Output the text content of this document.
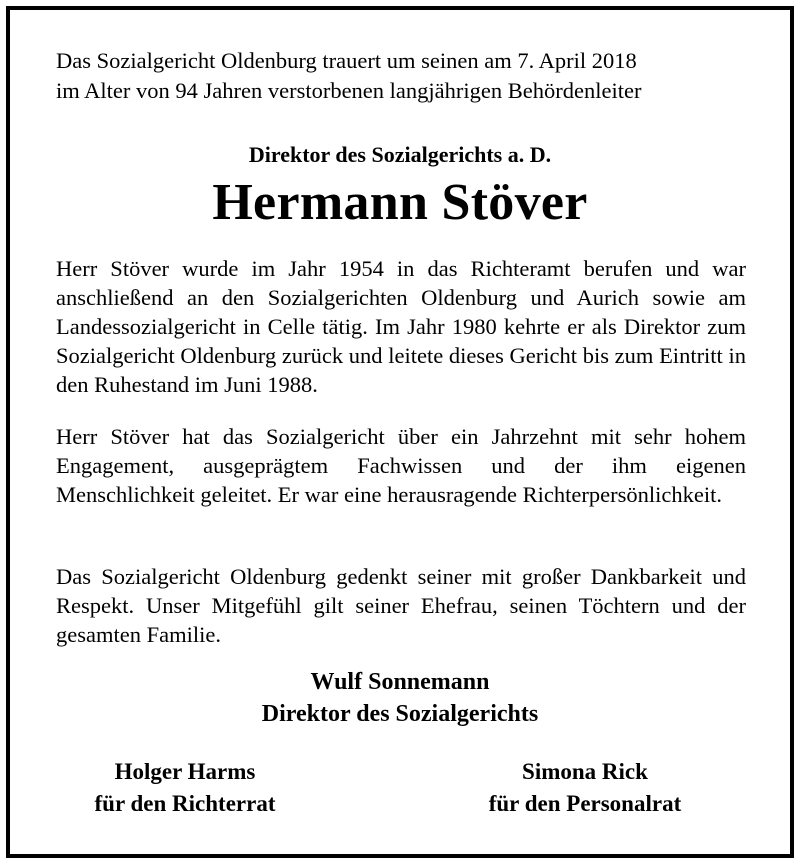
Das Sozialgericht Oldenburg trauert um seinen am 7. April 2018
im Alter von 94 Jahren verstorbenen langjährigen Behördenleiter
Direktor des Sozialgerichts a. D.
Hermann Stöver
Herr Stöver wurde im Jahr 1954 in das Richteramt berufen und war anschließend an den Sozialgerichten Oldenburg und Aurich sowie am Landessozialgericht in Celle tätig. Im Jahr 1980 kehrte er als Direktor zum Sozialgericht Oldenburg zurück und leitete dieses Gericht bis zum Eintritt in den Ruhestand im Juni 1988.
Herr Stöver hat das Sozialgericht über ein Jahrzehnt mit sehr hohem Engagement, ausgeprägtem Fachwissen und der ihm eigenen Menschlichkeit geleitet. Er war eine herausragende Richterpersönlichkeit.
Das Sozialgericht Oldenburg gedenkt seiner mit großer Dankbarkeit und Respekt. Unser Mitgefühl gilt seiner Ehefrau, seinen Töchtern und der gesamten Familie.
Wulf Sonnemann
Direktor des Sozialgerichts
Holger Harms
für den Richterrat
Simona Rick
für den Personalrat
